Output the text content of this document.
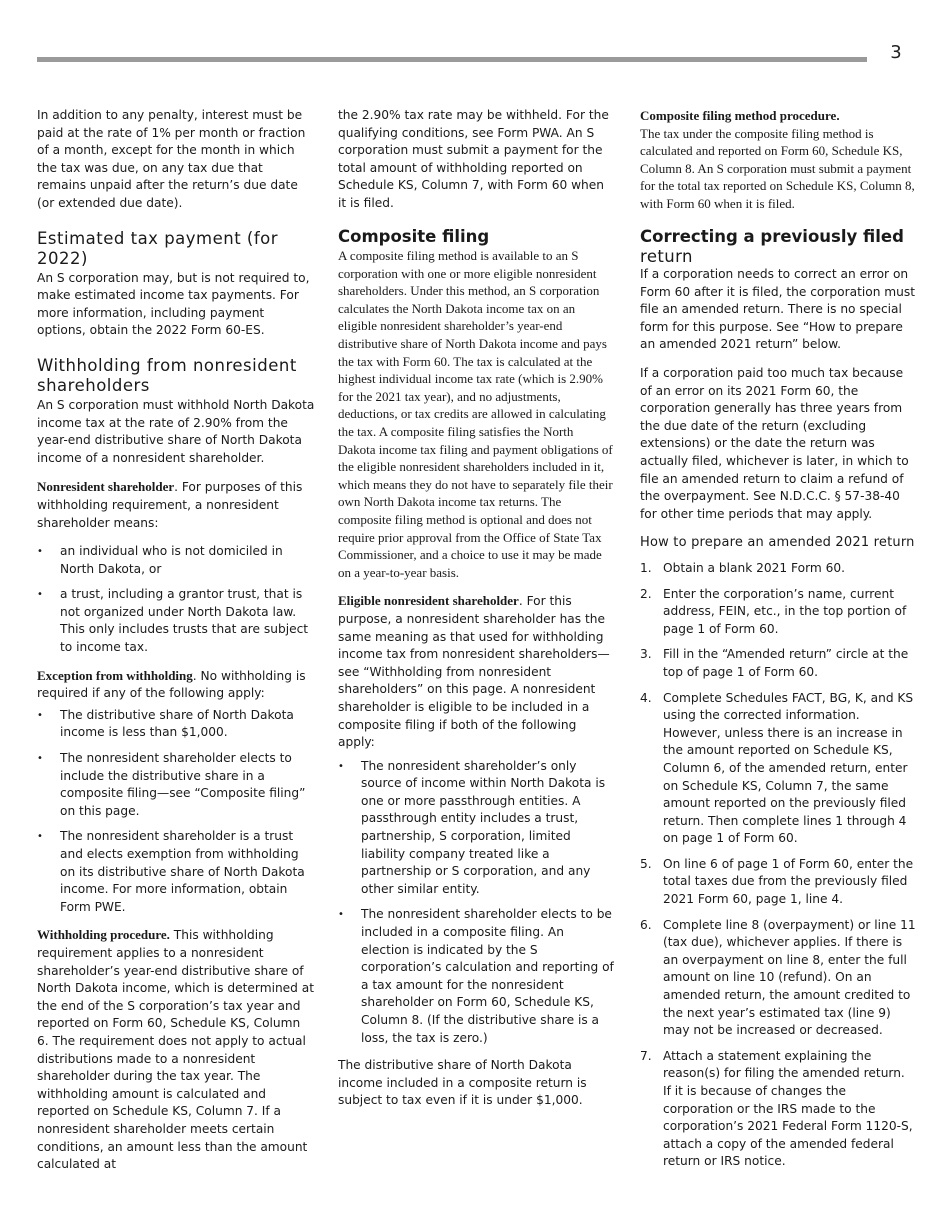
3

In addition to any penalty, interest must be paid at the rate of 1% per month or fraction of a month, except for the month in which the tax was due, on any tax due that remains unpaid after the return’s due date (or extended due date).

Estimated tax payment (for 2022)

An S corporation may, but is not required to, make estimated income tax payments. For more information, including payment options, obtain the 2022 Form 60-ES.

Withholding from nonresident shareholders

An S corporation must withhold North Dakota income tax at the rate of 2.90% from the year-end distributive share of North Dakota income of a nonresident shareholder.

Nonresident shareholder. For purposes of this withholding requirement, a nonresident shareholder means:

• an individual who is not domiciled in North Dakota, or
• a trust, including a grantor trust, that is not organized under North Dakota law. This only includes trusts that are subject to income tax.

Exception from withholding. No withholding is required if any of the following apply:

• The distributive share of North Dakota income is less than $1,000.
• The nonresident shareholder elects to include the distributive share in a composite filing—see “Composite filing” on this page.
• The nonresident shareholder is a trust and elects exemption from withholding on its distributive share of North Dakota income. For more information, obtain Form PWE.

Withholding procedure. This withholding requirement applies to a nonresident shareholder’s year-end distributive share of North Dakota income, which is determined at the end of the S corporation’s tax year and reported on Form 60, Schedule KS, Column 6. The requirement does not apply to actual distributions made to a nonresident shareholder during the tax year. The withholding amount is calculated and reported on Schedule KS, Column 7. If a nonresident shareholder meets certain conditions, an amount less than the amount calculated at

the 2.90% tax rate may be withheld. For the qualifying conditions, see Form PWA. An S corporation must submit a payment for the total amount of withholding reported on Schedule KS, Column 7, with Form 60 when it is filed.

Composite filing

A composite filing method is available to an S corporation with one or more eligible nonresident shareholders. Under this method, an S corporation calculates the North Dakota income tax on an eligible nonresident shareholder’s year-end distributive share of North Dakota income and pays the tax with Form 60. The tax is calculated at the highest individual income tax rate (which is 2.90% for the 2021 tax year), and no adjustments, deductions, or tax credits are allowed in calculating the tax. A composite filing satisfies the North Dakota income tax filing and payment obligations of the eligible nonresident shareholders included in it, which means they do not have to separately file their own North Dakota income tax returns. The composite filing method is optional and does not require prior approval from the Office of State Tax Commissioner, and a choice to use it may be made on a year-to-year basis.

Eligible nonresident shareholder. For this purpose, a nonresident shareholder has the same meaning as that used for withholding income tax from nonresident shareholders—see “Withholding from nonresident shareholders” on this page. A nonresident shareholder is eligible to be included in a composite filing if both of the following apply:

• The nonresident shareholder’s only source of income within North Dakota is one or more passthrough entities. A passthrough entity includes a trust, partnership, S corporation, limited liability company treated like a partnership or S corporation, and any other similar entity.
• The nonresident shareholder elects to be included in a composite filing. An election is indicated by the S corporation’s calculation and reporting of a tax amount for the nonresident shareholder on Form 60, Schedule KS, Column 8. (If the distributive share is a loss, the tax is zero.)

The distributive share of North Dakota income included in a composite return is subject to tax even if it is under $1,000.

Composite filing method procedure.
The tax under the composite filing method is calculated and reported on Form 60, Schedule KS, Column 8. An S corporation must submit a payment for the total tax reported on Schedule KS, Column 8, with Form 60 when it is filed.

Correcting a previously filed
return

If a corporation needs to correct an error on Form 60 after it is filed, the corporation must file an amended return. There is no special form for this purpose. See “How to prepare an amended 2021 return” below.

If a corporation paid too much tax because of an error on its 2021 Form 60, the corporation generally has three years from the due date of the return (excluding extensions) or the date the return was actually filed, whichever is later, in which to file an amended return to claim a refund of the overpayment. See N.D.C.C. § 57-38-40 for other time periods that may apply.

How to prepare an amended 2021 return
1. Obtain a blank 2021 Form 60.
2. Enter the corporation’s name, current address, FEIN, etc., in the top portion of page 1 of Form 60.
3. Fill in the “Amended return” circle at the top of page 1 of Form 60.
4. Complete Schedules FACT, BG, K, and KS using the corrected information. However, unless there is an increase in the amount reported on Schedule KS, Column 6, of the amended return, enter on Schedule KS, Column 7, the same amount reported on the previously filed return. Then complete lines 1 through 4 on page 1 of Form 60.
5. On line 6 of page 1 of Form 60, enter the total taxes due from the previously filed 2021 Form 60, page 1, line 4.
6. Complete line 8 (overpayment) or line 11 (tax due), whichever applies. If there is an overpayment on line 8, enter the full amount on line 10 (refund). On an amended return, the amount credited to the next year’s estimated tax (line 9) may not be increased or decreased.
7. Attach a statement explaining the reason(s) for filing the amended return. If it is because of changes the corporation or the IRS made to the corporation’s 2021 Federal Form 1120-S, attach a copy of the amended federal return or IRS notice.
